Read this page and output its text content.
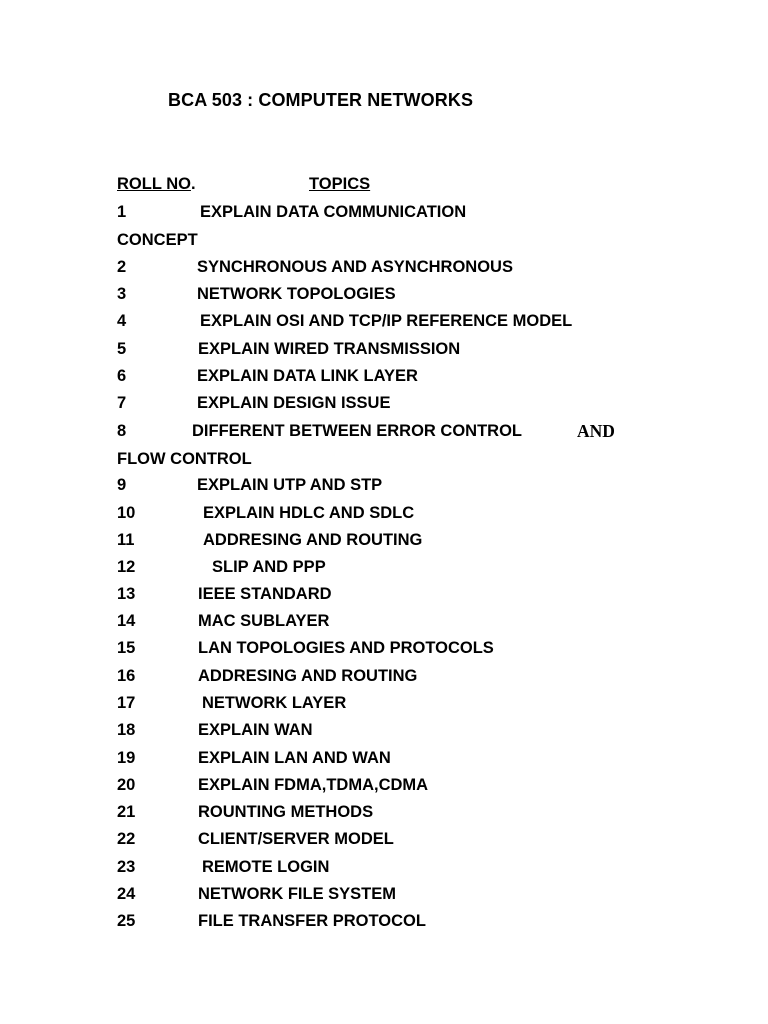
BCA 503 : COMPUTER NETWORKS
ROLL NO.	TOPICS
1	EXPLAIN DATA COMMUNICATION
CONCEPT
2	SYNCHRONOUS AND ASYNCHRONOUS
3	NETWORK TOPOLOGIES
4	EXPLAIN OSI AND TCP/IP REFERENCE MODEL
5	EXPLAIN WIRED TRANSMISSION
6	EXPLAIN DATA LINK LAYER
7	EXPLAIN DESIGN ISSUE
8	DIFFERENT BETWEEN ERROR CONTROL	AND
FLOW CONTROL
9	EXPLAIN UTP AND STP
10	EXPLAIN HDLC AND SDLC
11	ADDRESING AND ROUTING
12	SLIP AND PPP
13	IEEE STANDARD
14	MAC SUBLAYER
15	LAN TOPOLOGIES AND PROTOCOLS
16	ADDRESING AND ROUTING
17	NETWORK LAYER
18	EXPLAIN WAN
19	EXPLAIN LAN AND WAN
20	EXPLAIN FDMA,TDMA,CDMA
21	ROUNTING METHODS
22	CLIENT/SERVER MODEL
23	REMOTE LOGIN
24	NETWORK FILE SYSTEM
25	FILE TRANSFER PROTOCOL
